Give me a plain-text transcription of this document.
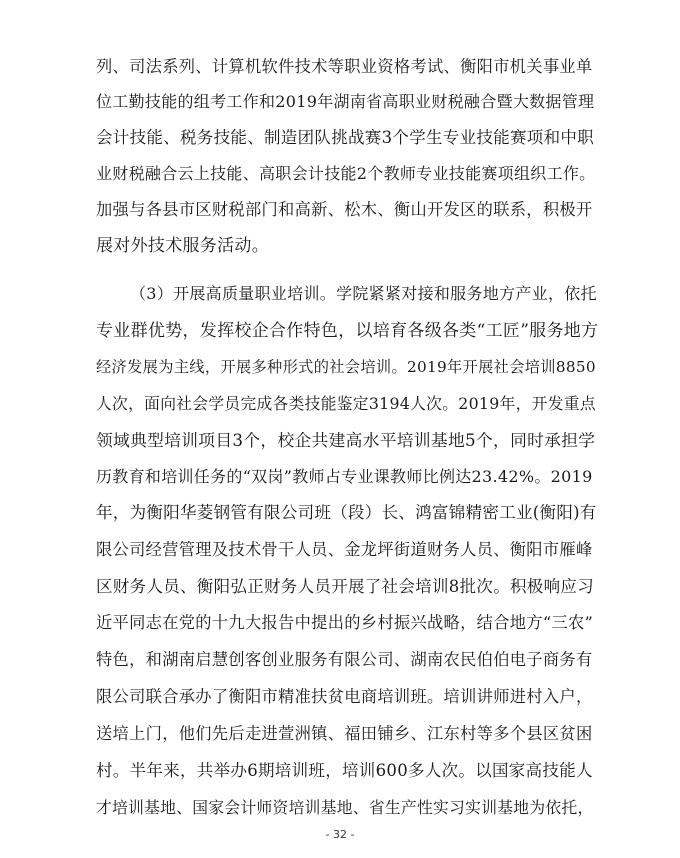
列、司法系列、计算机软件技术等职业资格考试、衡阳市机关事业单
位工勤技能的组考工作和2019年湖南省高职业财税融合暨大数据管理
会计技能、税务技能、制造团队挑战赛3个学生专业技能赛项和中职
业财税融合云上技能、高职会计技能2个教师专业技能赛项组织工作。
加强与各县市区财税部门和高新、松木、衡山开发区的联系，积极开
展对外技术服务活动。
（3）开展高质量职业培训。学院紧紧对接和服务地方产业，依托
专业群优势，发挥校企合作特色，以培育各级各类“工匠”服务地方
经济发展为主线，开展多种形式的社会培训。2019年开展社会培训8850
人次，面向社会学员完成各类技能鉴定3194人次。2019年，开发重点
领域典型培训项目3个，校企共建高水平培训基地5个，同时承担学
历教育和培训任务的“双岗”教师占专业课教师比例达23.42%。2019
年，为衡阳华菱钢管有限公司班（段）长、鸿富锦精密工业(衡阳)有
限公司经营管理及技术骨干人员、金龙坪街道财务人员、衡阳市雁峰
区财务人员、衡阳弘正财务人员开展了社会培训8批次。积极响应习
近平同志在党的十九大报告中提出的乡村振兴战略，结合地方“三农”
特色，和湖南启慧创客创业服务有限公司、湖南农民伯伯电子商务有
限公司联合承办了衡阳市精准扶贫电商培训班。培训讲师进村入户，
送培上门，他们先后走进萱洲镇、福田铺乡、江东村等多个县区贫困
村。半年来，共举办6期培训班，培训600多人次。以国家高技能人
才培训基地、国家会计师资培训基地、省生产性实习实训基地为依托，
- 32 -
